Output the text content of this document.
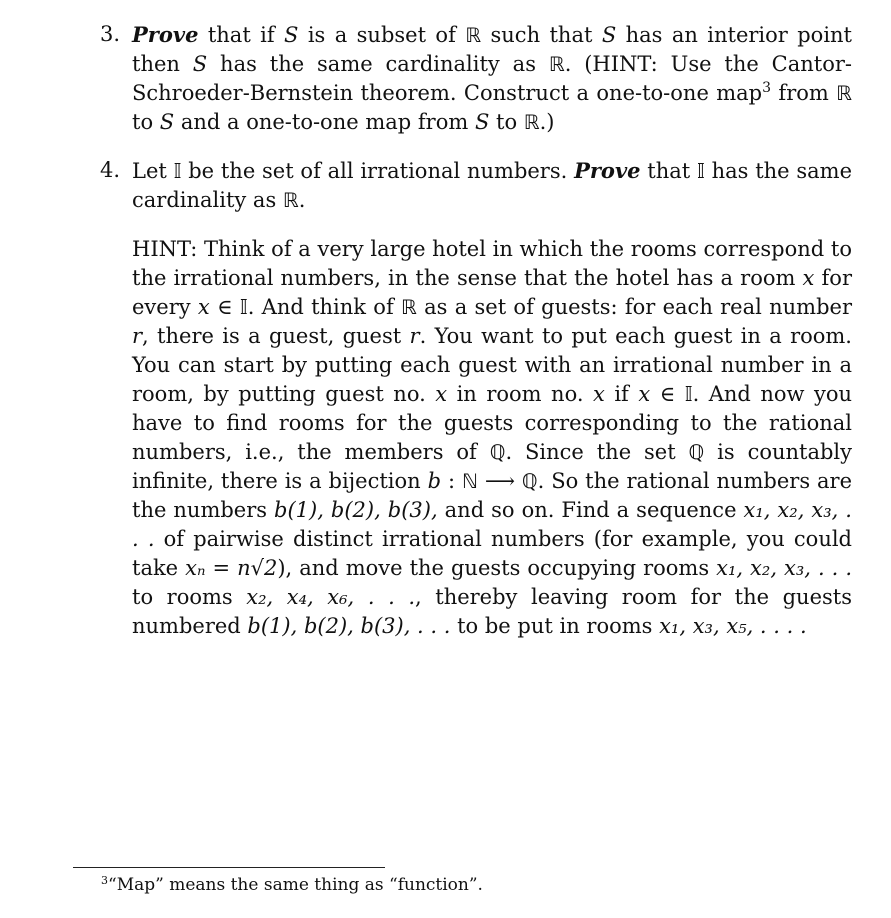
3. Prove that if S is a subset of ℝ such that S has an interior point then S has the same cardinality as ℝ. (HINT: Use the Cantor-Schroeder-Bernstein theorem. Construct a one-to-one map$^3$ from ℝ to S and a one-to-one map from S to ℝ.)

4. Let 𝕀 be the set of all irrational numbers. Prove that 𝕀 has the same cardinality as ℝ.

HINT: Think of a very large hotel in which the rooms correspond to the irrational numbers, in the sense that the hotel has a room x for every x ∈ 𝕀. And think of ℝ as a set of guests: for each real number r, there is a guest, guest r. You want to put each guest in a room. You can start by putting each guest with an irrational number in a room, by putting guest no. x in room no. x if x ∈ 𝕀. And now you have to find rooms for the guests corresponding to the rational numbers, i.e., the members of ℚ. Since the set ℚ is countably infinite, there is a bijection b : ℕ ⟶ ℚ. So the rational numbers are the numbers b(1), b(2), b(3), and so on. Find a sequence x₁, x₂, x₃, . . . of pairwise distinct irrational numbers (for example, you could take xₙ = n√2), and move the guests occupying rooms x₁, x₂, x₃, . . . to rooms x₂, x₄, x₆, . . ., thereby leaving room for the guests numbered b(1), b(2), b(3), . . . to be put in rooms x₁, x₃, x₅, . . . .

$^3$“Map” means the same thing as “function”.
